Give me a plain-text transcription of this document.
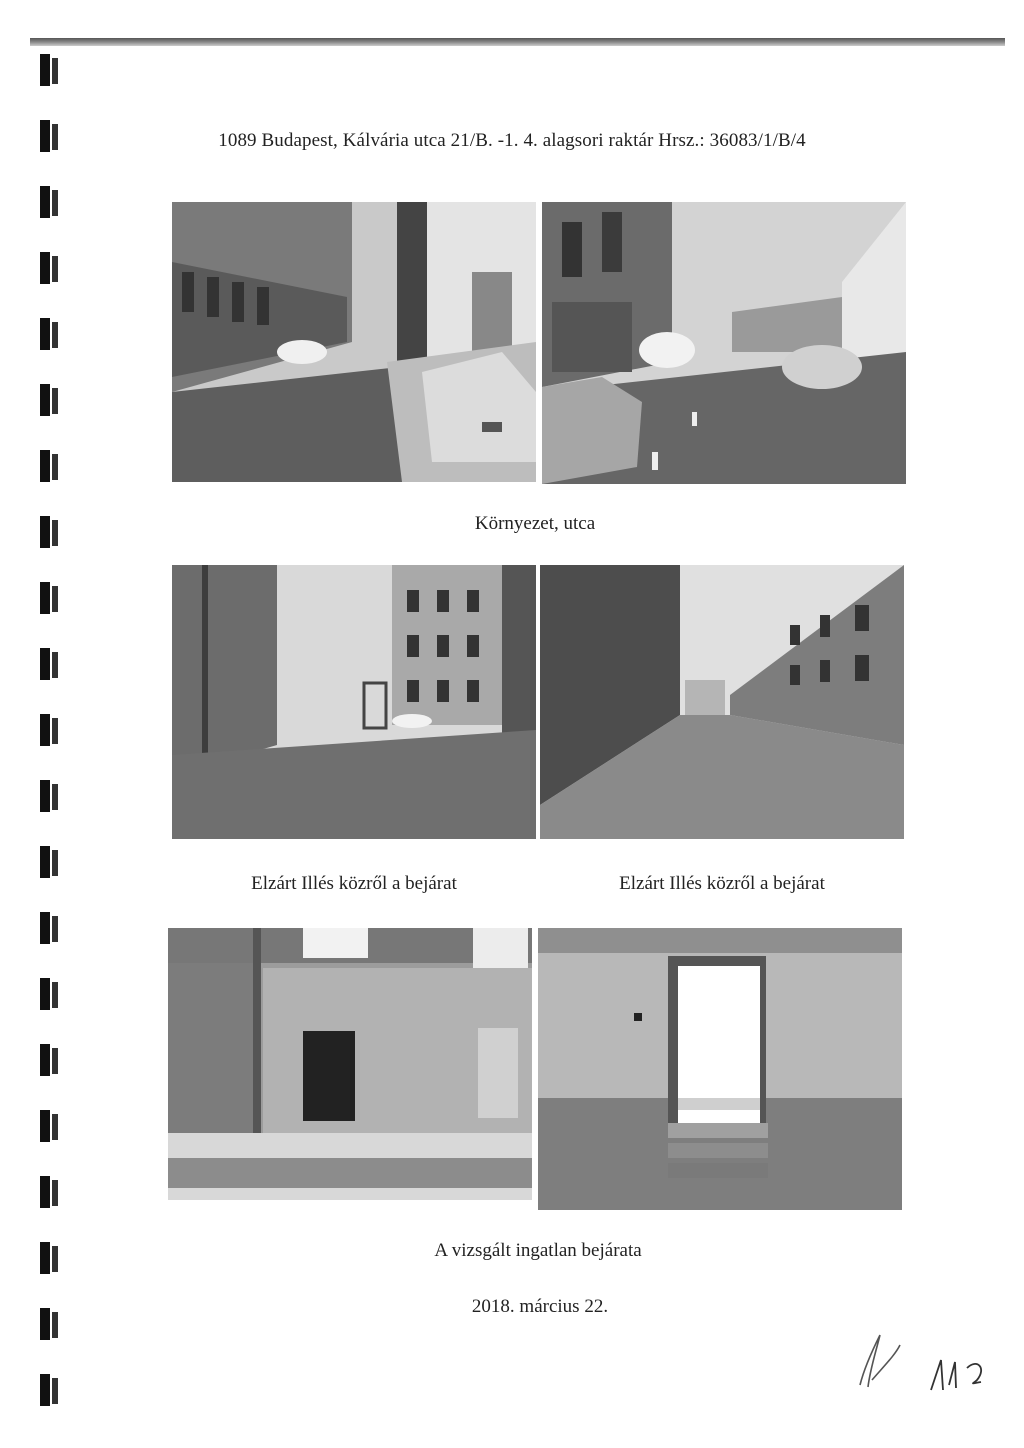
1089 Budapest, Kálvária utca 21/B. -1. 4. alagsori raktár Hrsz.: 36083/1/B/4
Környezet, utca
Elzárt Illés közről a bejárat	Elzárt Illés közről a bejárat
A vizsgált ingatlan bejárata
2018. március 22.
